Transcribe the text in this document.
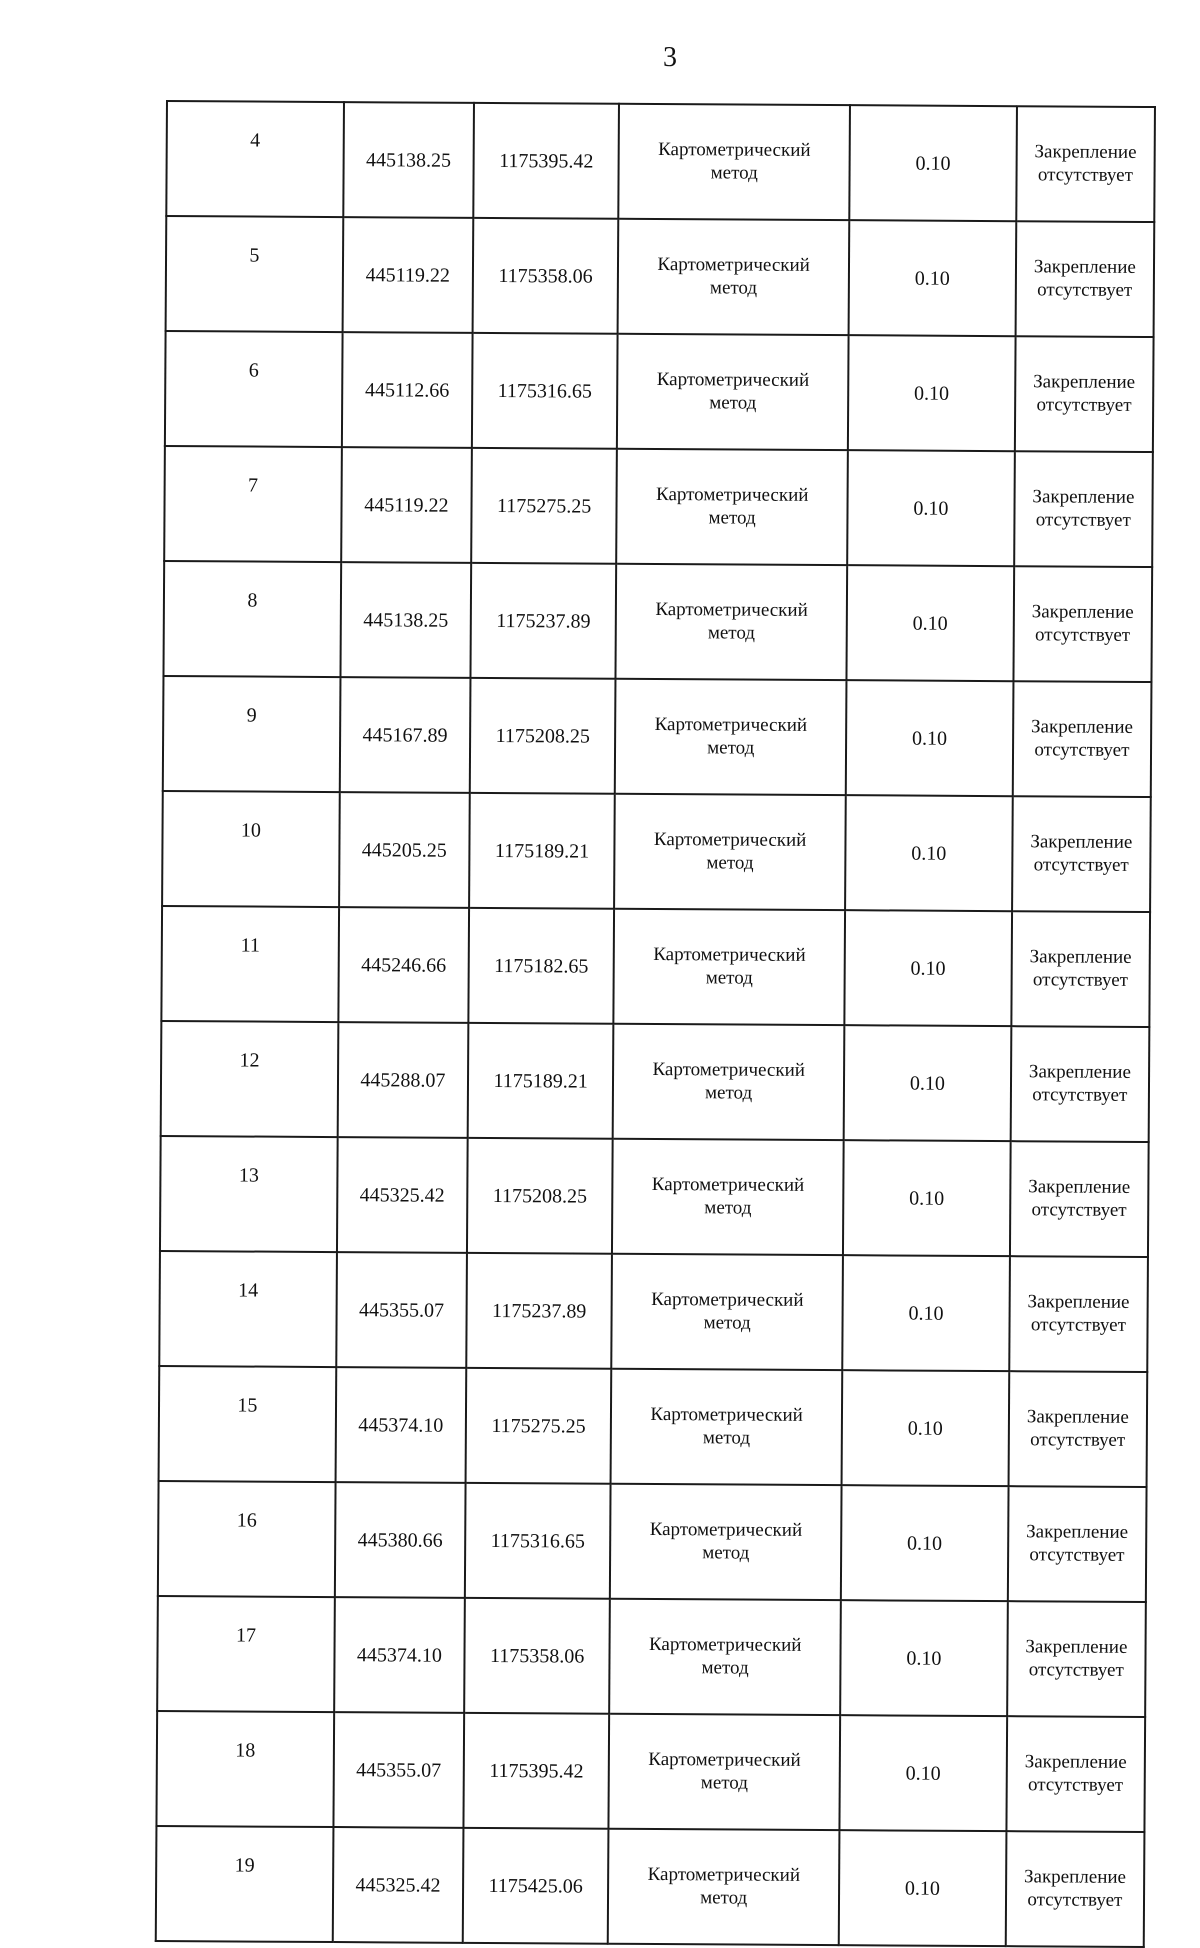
3
4	445138.25	1175395.42	Картометрический
метод	0.10	Закрепление
отсутствует

5	445119.22	1175358.06	Картометрический
метод	0.10	Закрепление
отсутствует

6	445112.66	1175316.65	Картометрический
метод	0.10	Закрепление
отсутствует

7	445119.22	1175275.25	Картометрический
метод	0.10	Закрепление
отсутствует

8	445138.25	1175237.89	Картометрический
метод	0.10	Закрепление
отсутствует

9	445167.89	1175208.25	Картометрический
метод	0.10	Закрепление
отсутствует

10	445205.25	1175189.21	Картометрический
метод	0.10	Закрепление
отсутствует

11	445246.66	1175182.65	Картометрический
метод	0.10	Закрепление
отсутствует

12	445288.07	1175189.21	Картометрический
метод	0.10	Закрепление
отсутствует

13	445325.42	1175208.25	Картометрический
метод	0.10	Закрепление
отсутствует

14	445355.07	1175237.89	Картометрический
метод	0.10	Закрепление
отсутствует

15	445374.10	1175275.25	Картометрический
метод	0.10	Закрепление
отсутствует

16	445380.66	1175316.65	Картометрический
метод	0.10	Закрепление
отсутствует

17	445374.10	1175358.06	Картометрический
метод	0.10	Закрепление
отсутствует

18	445355.07	1175395.42	Картометрический
метод	0.10	Закрепление
отсутствует

19	445325.42	1175425.06	Картометрический
метод	0.10	Закрепление
отсутствует
